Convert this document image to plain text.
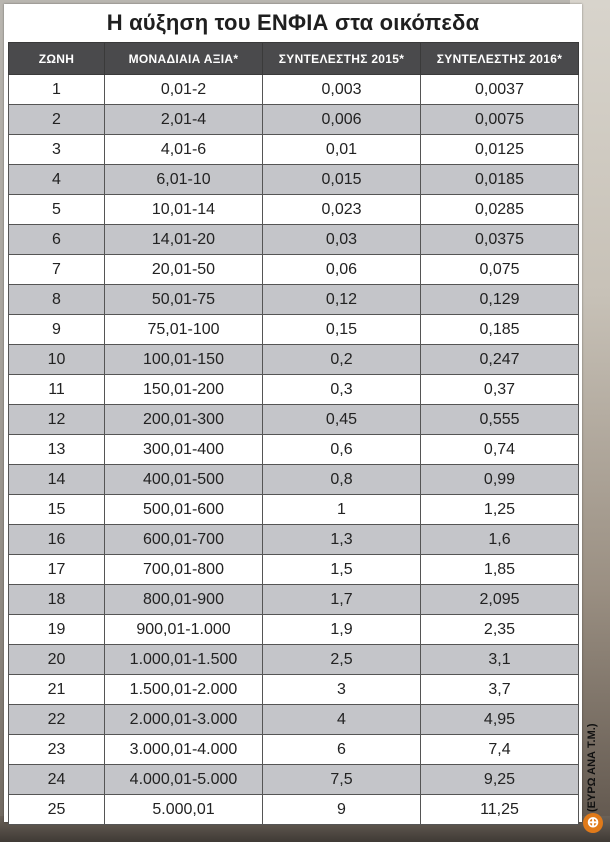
Η αύξηση του ΕΝΦΙΑ στα οικόπεδα
ΖΩΝΗ	ΜΟΝΑΔΙΑΙΑ ΑΞΙΑ*	ΣΥΝΤΕΛΕΣΤΗΣ 2015*	ΣΥΝΤΕΛΕΣΤΗΣ 2016*
1	0,01-2	0,003	0,0037
2	2,01-4	0,006	0,0075
3	4,01-6	0,01	0,0125
4	6,01-10	0,015	0,0185
5	10,01-14	0,023	0,0285
6	14,01-20	0,03	0,0375
7	20,01-50	0,06	0,075
8	50,01-75	0,12	0,129
9	75,01-100	0,15	0,185
10	100,01-150	0,2	0,247
11	150,01-200	0,3	0,37
12	200,01-300	0,45	0,555
13	300,01-400	0,6	0,74
14	400,01-500	0,8	0,99
15	500,01-600	1	1,25
16	600,01-700	1,3	1,6
17	700,01-800	1,5	1,85
18	800,01-900	1,7	2,095
19	900,01-1.000	1,9	2,35
20	1.000,01-1.500	2,5	3,1
21	1.500,01-2.000	3	3,7
22	2.000,01-3.000	4	4,95
23	3.000,01-4.000	6	7,4
24	4.000,01-5.000	7,5	9,25
25	5.000,01	9	11,25	(ΕΥΡΩ ΑΝΑ Τ.Μ.)
⊕
